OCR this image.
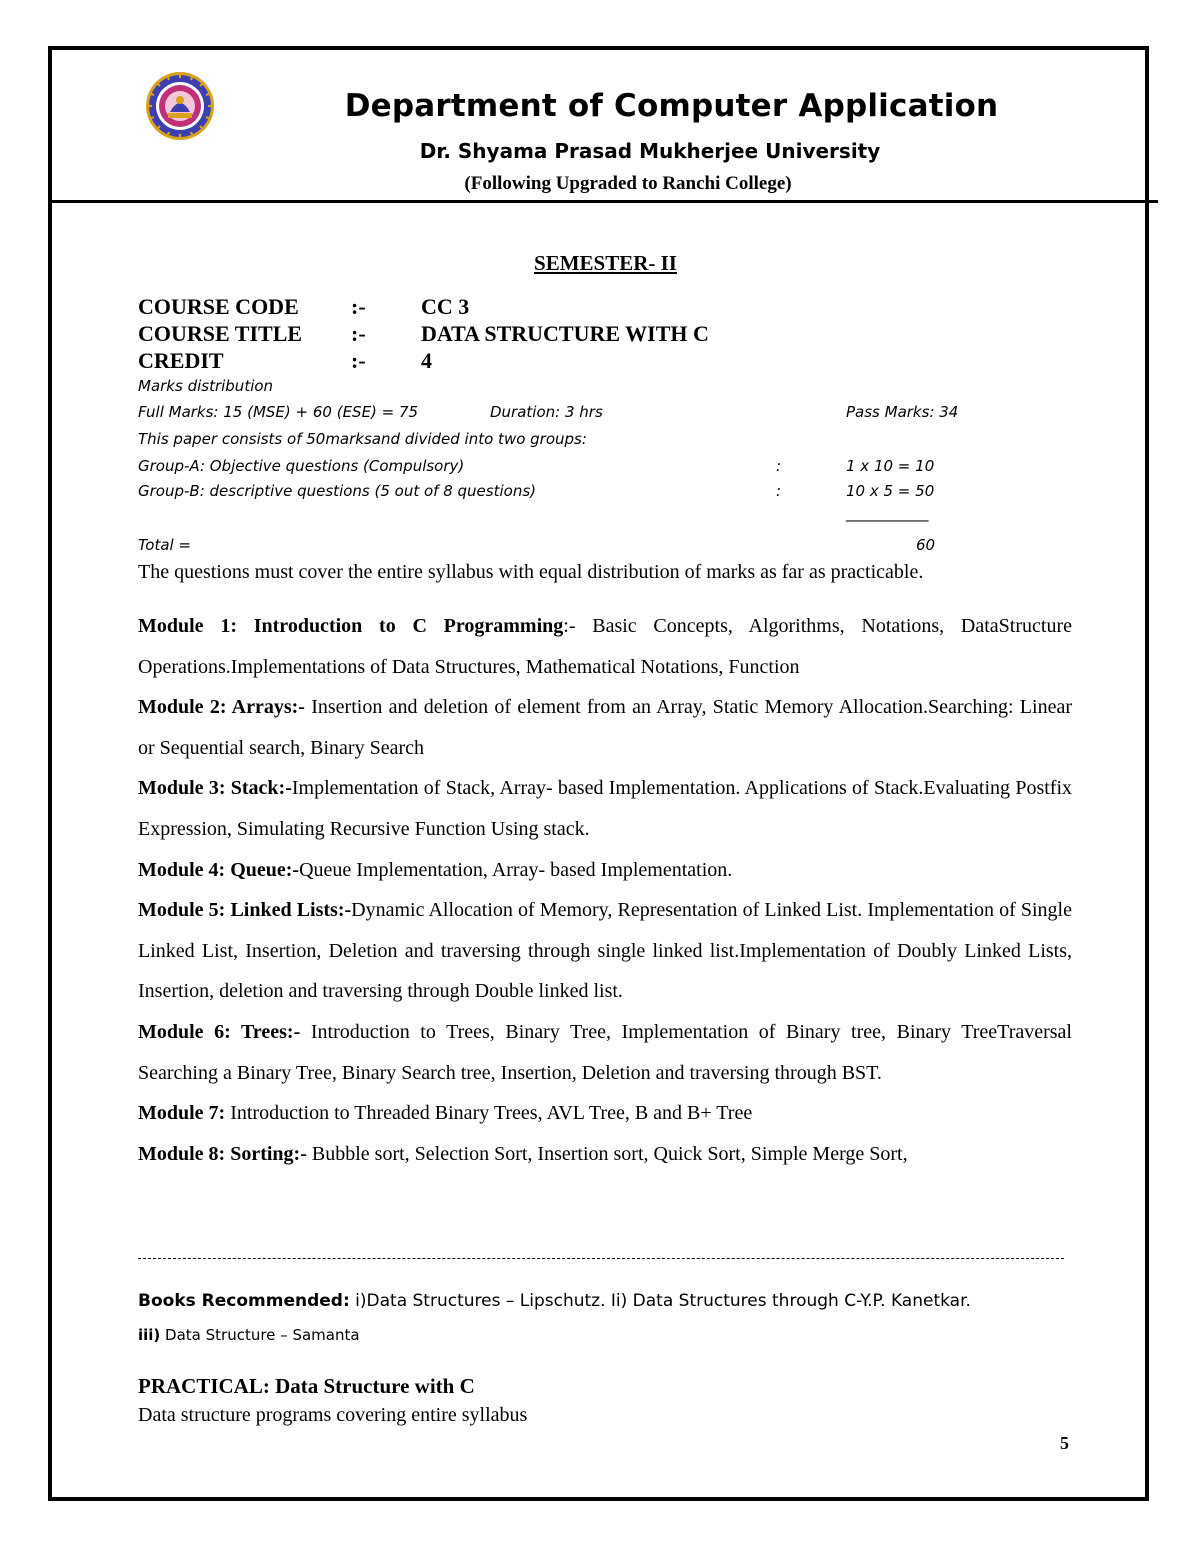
Department of Computer Application
Dr. Shyama Prasad Mukherjee University
(Following Upgraded to Ranchi College)
SEMESTER- II
COURSE CODE :-	CC 3
COURSE TITLE :-	DATA STRUCTURE WITH C
CREDIT	:-	4
Marks distribution
Full Marks: 15 (MSE) + 60 (ESE) = 75	Duration: 3 hrs	Pass Marks: 34
This paper consists of 50marksand divided into two groups:
Group-A: Objective questions (Compulsory)	:	1 x 10 = 10
Group-B: descriptive questions (5 out of 8 questions)	:	10 x 5 = 50
___________
Total =	60
The questions must cover the entire syllabus with equal distribution of marks as far as practicable.

Module 1: Introduction to C Programming:- Basic Concepts, Algorithms, Notations, DataStructure Operations.Implementations of Data Structures, Mathematical Notations, Function

Module 2: Arrays:- Insertion and deletion of element from an Array, Static Memory Allocation.Searching: Linear or Sequential search, Binary Search

Module 3: Stack:-Implementation of Stack, Array- based Implementation. Applications of Stack.Evaluating Postfix Expression, Simulating Recursive Function Using stack.

Module 4: Queue:-Queue Implementation, Array- based Implementation.

Module 5: Linked Lists:-Dynamic Allocation of Memory, Representation of Linked List. Implementation of Single Linked List, Insertion, Deletion and traversing through single linked list.Implementation of Doubly Linked Lists, Insertion, deletion and traversing through Double linked list.

Module 6: Trees:- Introduction to Trees, Binary Tree, Implementation of Binary tree, Binary TreeTraversal Searching a Binary Tree, Binary Search tree, Insertion, Deletion and traversing through BST.

Module 7: Introduction to Threaded Binary Trees, AVL Tree, B and B+ Tree

Module 8: Sorting:- Bubble sort, Selection Sort, Insertion sort, Quick Sort, Simple Merge Sort,

Books Recommended: i)Data Structures – Lipschutz. Ii) Data Structures through C-Y.P. Kanetkar.
iii) Data Structure – Samanta
PRACTICAL: Data Structure with C
Data structure programs covering entire syllabus
5
